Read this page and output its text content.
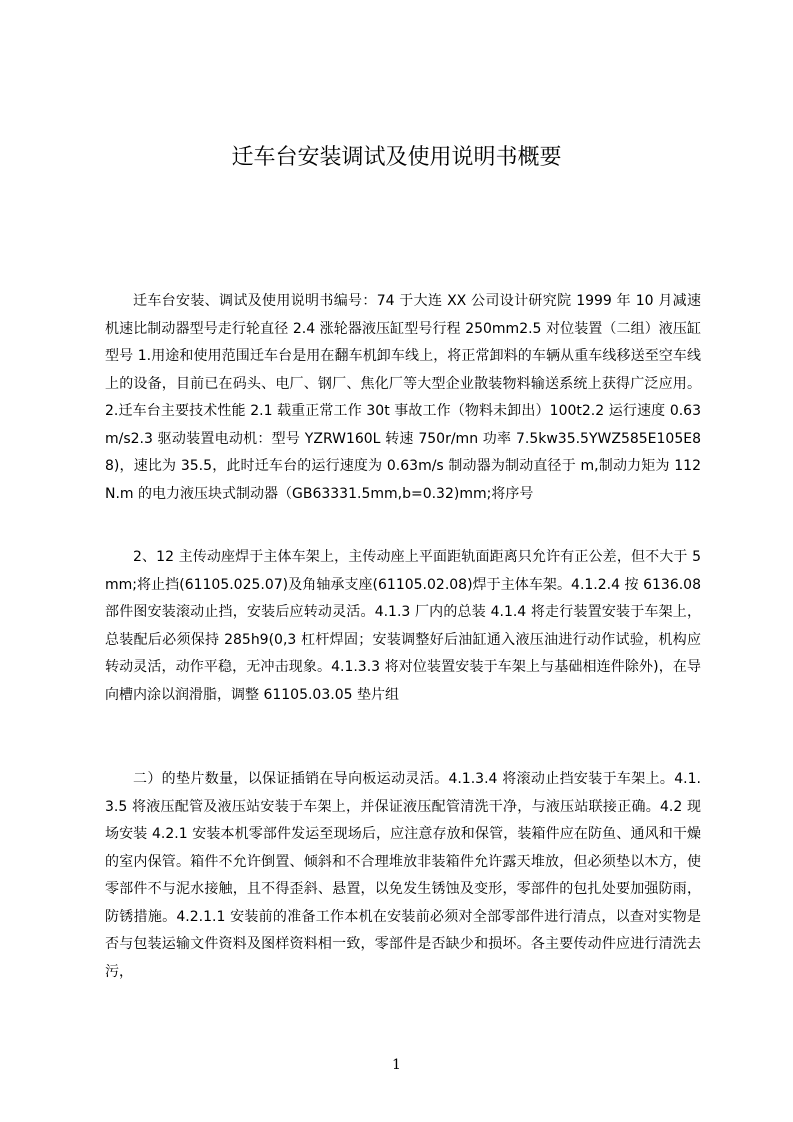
迁车台安装调试及使用说明书概要

迁车台安装、调试及使用说明书编号：74 于大连 XX 公司设计研究院 1999 年 10 月减速机速比制动器型号走行轮直径 2.4 涨轮器液压缸型号行程 250mm2.5 对位装置（二组）液压缸型号 1.用途和使用范围迁车台是用在翻车机卸车线上，将正常卸料的车辆从重车线移送至空车线上的设备，目前已在码头、电厂、钢厂、焦化厂等大型企业散装物料输送系统上获得广泛应用。2.迁车台主要技术性能 2.1 载重正常工作 30t 事故工作（物料未卸出）100t2.2 运行速度 0.63m/s2.3 驱动装置电动机：型号 YZRW160L 转速 750r/mn 功率 7.5kw35.5YWZ585E105E88)，速比为 35.5，此时迁车台的运行速度为 0.63m/s 制动器为制动直径于 m,制动力矩为 112N.m 的电力液压块式制动器（GB63331.5mm,b=0.32)mm;将序号

2、12 主传动座焊于主体车架上，主传动座上平面距轨面距离只允许有正公差，但不大于 5mm;将止挡(61105.025.07)及角轴承支座(61105.02.08)焊于主体车架。4.1.2.4 按 6136.08 部件图安装滚动止挡，安装后应转动灵活。4.1.3 厂内的总装 4.1.4 将走行装置安装于车架上，总装配后必须保持 285h9(0,3 杠杆焊固；安装调整好后油缸通入液压油进行动作试验，机构应转动灵活，动作平稳，无冲击现象。4.1.3.3 将对位装置安装于车架上与基础相连件除外)，在导向槽内涂以润滑脂，调整 61105.03.05 垫片组

二）的垫片数量，以保证插销在导向板运动灵活。4.1.3.4 将滚动止挡安装于车架上。4.1.3.5 将液压配管及液压站安装于车架上，并保证液压配管清洗干净，与液压站联接正确。4.2 现场安装 4.2.1 安装本机零部件发运至现场后，应注意存放和保管，装箱件应在防鱼、通风和干燥的室内保管。箱件不允许倒置、倾斜和不合理堆放非装箱件允许露天堆放，但必须垫以木方，使零部件不与泥水接触，且不得歪斜、悬置，以免发生锈蚀及变形，零部件的包扎处要加强防雨，防锈措施。4.2.1.1 安装前的准备工作本机在安装前必须对全部零部件进行清点，以查对实物是否与包装运输文件资料及图样资料相一致，零部件是否缺少和损坏。各主要传动件应进行清洗去污，

1
